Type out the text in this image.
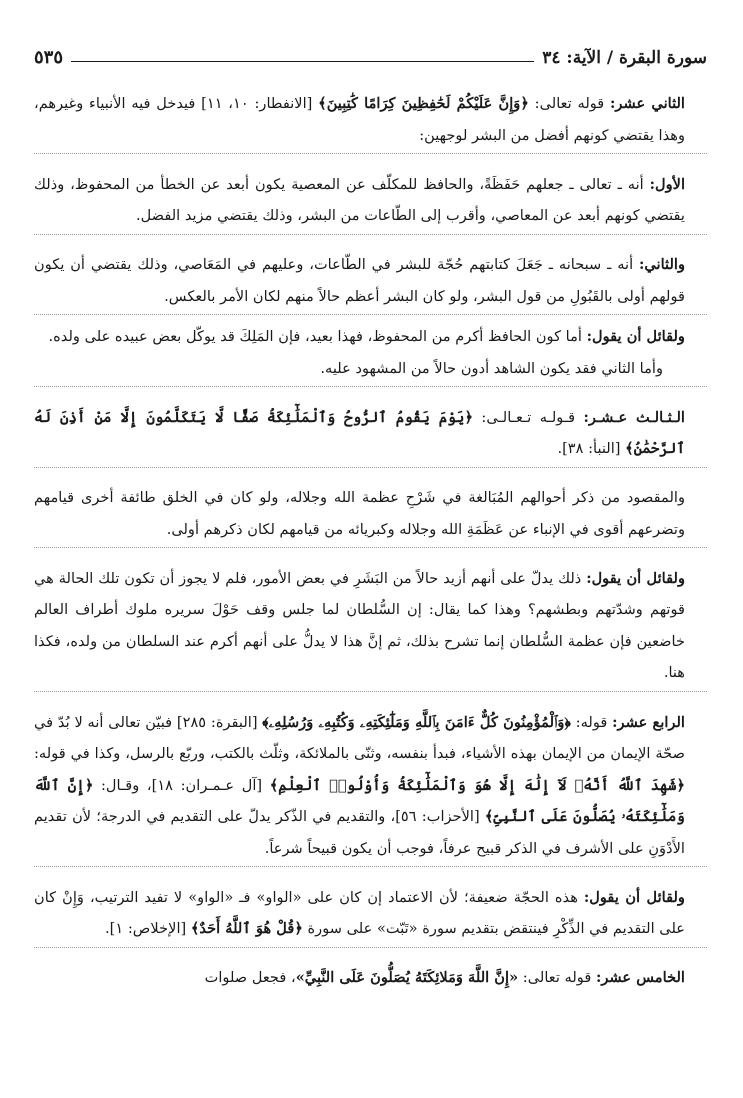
سورة البقرة / الآية: ٣٤
٥٣٥

الثاني عشر: قوله تعالى: ﴿وَإِنَّ عَلَيْكُمْ لَحَٰفِظِينَ كِرَامًا كَٰتِبِينَ﴾ [الانفطار: ١٠، ١١] فيدخل فيه الأنبياء وغيرهم، وهذا يقتضي كونهم أفضل من البشر لوجهين:

الأول: أنه ـ تعالى ـ جعلهم حَفَظَةً، والحافظ للمكلّف عن المعصية يكون أبعد عن الخطأ من المحفوظ، وذلك يقتضي كونهم أبعد عن المعاصي، وأقرب إلى الطّاعات من البشر، وذلك يقتضي مزيد الفضل.

والثاني: أنه ـ سبحانه ـ جَعَلَ كتابتهم حُجّة للبشر في الطّاعات، وعليهم في المَعَاصي، وذلك يقتضي أن يكون قولهم أولى بالقَبُولِ من قول البشر، ولو كان البشر أعظم حالاً منهم لكان الأمر بالعكس.

ولقائل أن يقول: أما كون الحافظ أكرم من المحفوظ، فهذا بعيد، فإن المَلِكَ قد يوكّل بعض عبيده على ولده.
وأما الثاني فقد يكون الشاهد أدون حالاً من المشهود عليه.

الـثـالـث عـشـر: قـولـه تـعـالـى: ﴿يَوْمَ يَقُومُ ٱلرُّوحُ وَٱلْمَلَٰٓئِكَةُ صَفًّا لَّا يَتَكَلَّمُونَ إِلَّا مَنْ أَذِنَ لَهُ ٱلرَّحْمَٰنُ﴾ [النبأ: ٣٨].

والمقصود من ذكر أحوالهم المُبَالغة في شَرْحِ عظمة الله وجلاله، ولو كان في الخلق طائفة أخرى قيامهم وتضرعهم أقوى في الإنباء عن عَظَمَةِ الله وجلاله وكبريائه من قيامهم لكان ذكرهم أولى.

ولقائل أن يقول: ذلك يدلّ على أنهم أزيد حالاً من البَشَرِ في بعض الأمور، فلم لا يجوز أن تكون تلك الحالة هي قوتهم وشدّتهم وبطشهم؟ وهذا كما يقال: إن السُّلطان لما جلس وقف حَوْلَ سريره ملوك أطراف العالم خاضعين فإن عظمة السُّلطان إنما تشرح بذلك، ثم إنَّ هذا لا يدلُّ على أنهم أكرم عند السلطان من ولده، فكذا هنا.

الرابع عشر: قوله: ﴿وَٱلْمُؤْمِنُونَ كُلٌّ ءَامَنَ بِٱللَّهِ وَمَلَٰٓئِكَتِهِۦ وَكُتُبِهِۦ وَرُسُلِهِۦ﴾ [البقرة: ٢٨٥] فبيّن تعالى أنه لا بُدّ في صحّة الإيمان من الإيمان بهذه الأشياء، فبدأ بنفسه، وثنّى بالملائكة، وثلّث بالكتب، وربّع بالرسل، وكذا في قوله: ﴿شَهِدَ ٱللَّهُ أَنَّهُۥ لَآ إِلَٰهَ إِلَّا هُوَ وَٱلْمَلَٰٓئِكَةُ وَأُوْلُوا۟ ٱلْعِلْمِ﴾ [آل عـمـران: ١٨]، وقـال: ﴿إِنَّ ٱللَّهَ وَمَلَٰٓئِكَتَهُۥ يُصَلُّونَ عَلَى ٱلنَّبِىِّ﴾ [الأحزاب: ٥٦]، والتقديم في الذّكر يدلّ على التقديم في الدرجة؛ لأن تقديم الأَدْوَنِ على الأشرف في الذكر قبيح عرفاً، فوجب أن يكون قبيحاً شرعاً.

ولقائل أن يقول: هذه الحجّة ضعيفة؛ لأن الاعتماد إن كان على «الواو» فـ «الواو» لا تفيد الترتيب، وَإِنْ كان على التقديم في الذِّكْرِ فينتقض بتقديم سورة «تَبّت» على سورة ﴿قُلْ هُوَ ٱللَّهُ أَحَدٌ﴾ [الإخلاص: ١].

الخامس عشر: قوله تعالى: «إِنَّ اللَّهَ وَمَلائِكَتَهُ يُصَلُّونَ عَلَى النَّبِيِّ»، فجعل صلوات
